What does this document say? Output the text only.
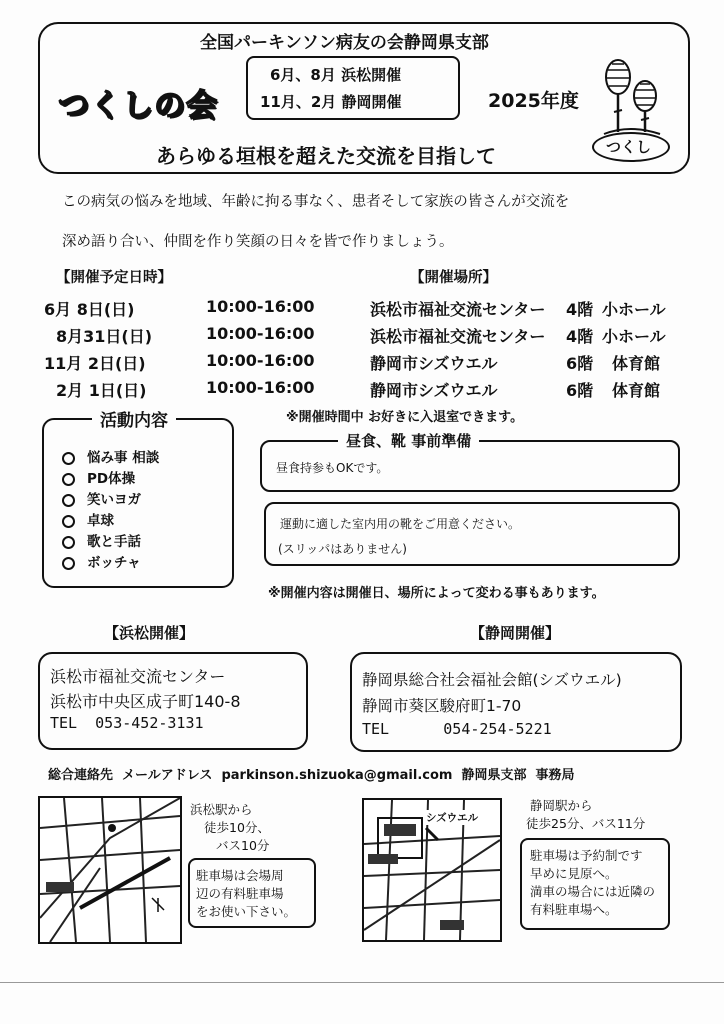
全国パーキンソン病友の会静岡県支部
つくしの会
6月、8月 浜松開催
11月、2月 静岡開催	2025年度
あらゆる垣根を超えた交流を目指して	つくし
この病気の悩みを地域、年齢に拘る事なく、患者そして家族の皆さんが交流を
深め語り合い、仲間を作り笑顔の日々を皆で作りましょう。
【開催予定日時】	【開催場所】
6月 8日(日)	10:00-16:00	浜松市福祉交流センター 4階 小ホール
8月31日(日)	10:00-16:00	浜松市福祉交流センター 4階 小ホール
11月 2日(日)	10:00-16:00	静岡市シズウエル	6階 体育館
2月 1日(日)	10:00-16:00	静岡市シズウエル	6階 体育館
活動内容
悩み事 相談
PD体操
笑いヨガ
卓球
歌と手話
ボッチャ
※開催時間中 お好きに入退室できます。
昼食、靴 事前準備
昼食持参もOKです。
運動に適した室内用の靴をご用意ください。
(スリッパはありません)
※開催内容は開催日、場所によって変わる事もあります。
【浜松開催】	【静岡開催】
浜松市福祉交流センター
浜松市中央区成子町140-8
TEL  053-452-3131
静岡県総合社会福祉会館(シズウエル)
静岡市葵区駿府町1-70
TEL      054-254-5221
総合連絡先  メールアドレス  parkinson.shizuoka@gmail.com  静岡県支部  事務局
浜松駅から
徒歩10分、
バス10分
駐車場は会場周
辺の有料駐車場
をお使い下さい。
シズウエル
静岡駅から
徒歩25分、バス11分
駐車場は予約制です
早めに見原へ。
満車の場合には近隣の
有料駐車場へ。
